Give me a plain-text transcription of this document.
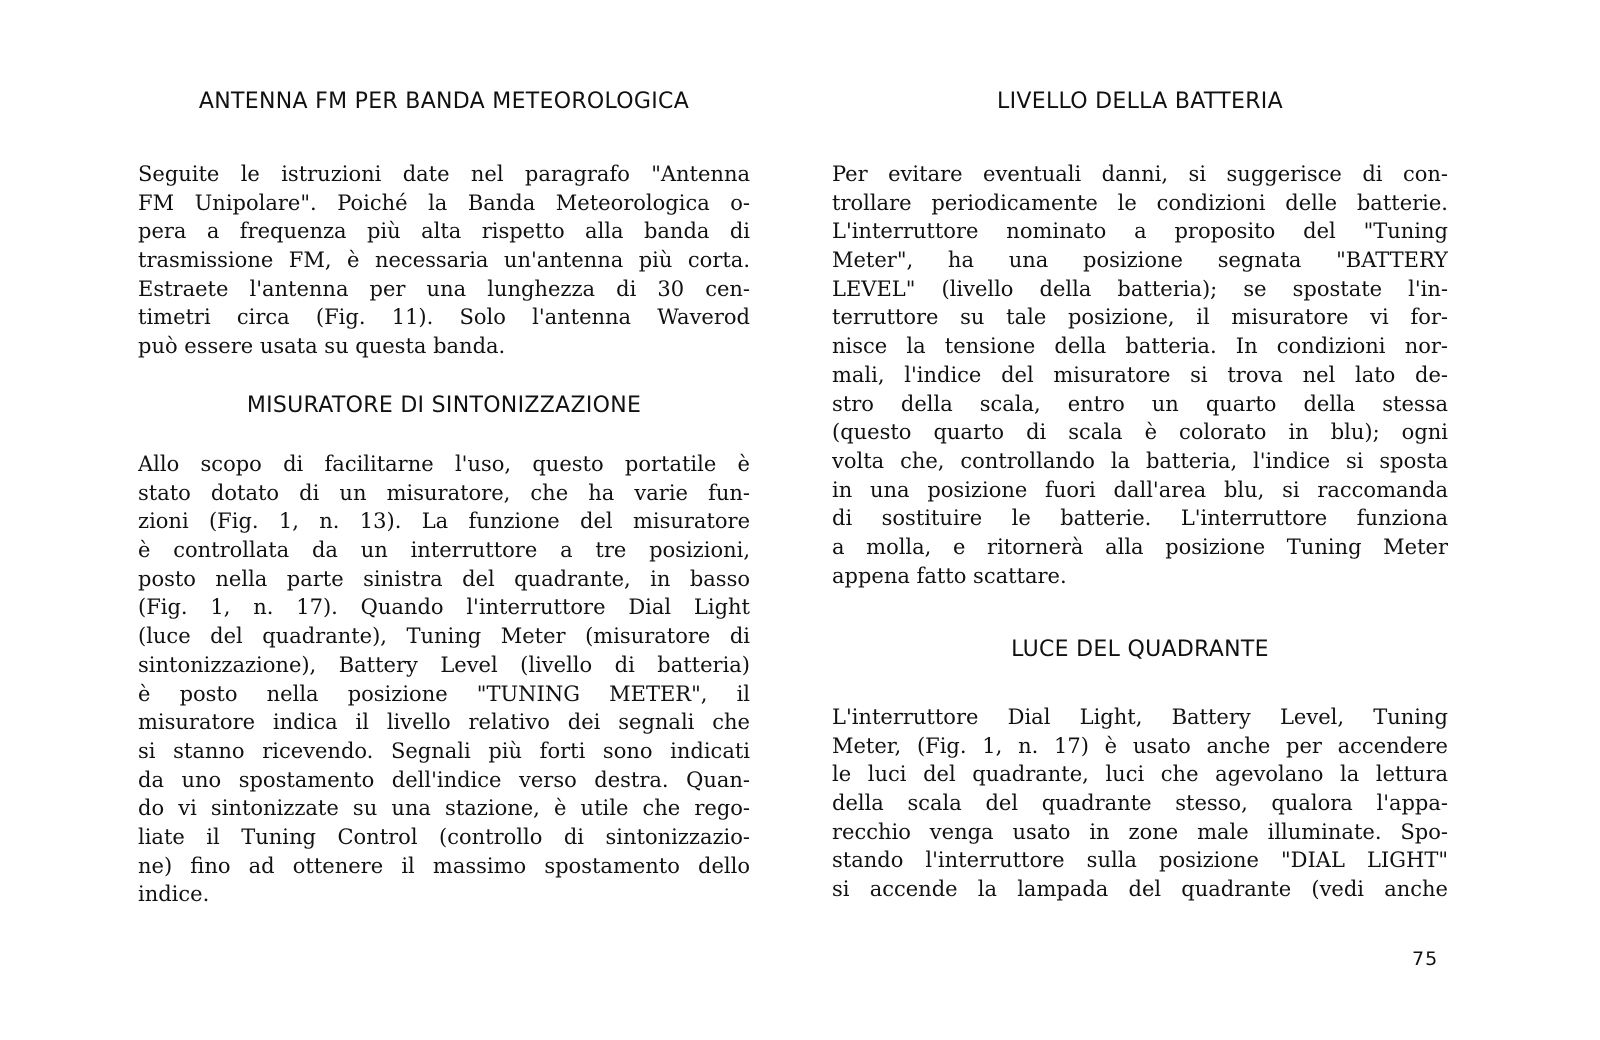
ANTENNA FM PER BANDA METEOROLOGICA
Seguite le istruzioni date nel paragrafo "Antenna
FM Unipolare". Poiché la Banda Meteorologica o-
pera a frequenza più alta rispetto alla banda di
trasmissione FM, è necessaria un'antenna più corta.
Estraete l'antenna per una lunghezza di 30 cen-
timetri circa (Fig. 11). Solo l'antenna Waverod
può essere usata su questa banda.
MISURATORE DI SINTONIZZAZIONE
Allo scopo di facilitarne l'uso, questo portatile è
stato dotato di un misuratore, che ha varie fun-
zioni (Fig. 1, n. 13). La funzione del misuratore
è controllata da un interruttore a tre posizioni,
posto nella parte sinistra del quadrante, in basso
(Fig. 1, n. 17). Quando l'interruttore Dial Light
(luce del quadrante), Tuning Meter (misuratore di
sintonizzazione), Battery Level (livello di batteria)
è posto nella posizione "TUNING METER", il
misuratore indica il livello relativo dei segnali che
si stanno ricevendo. Segnali più forti sono indicati
da uno spostamento dell'indice verso destra. Quan-
do vi sintonizzate su una stazione, è utile che rego-
liate il Tuning Control (controllo di sintonizzazio-
ne) fino ad ottenere il massimo spostamento dello
indice.
LIVELLO DELLA BATTERIA
Per evitare eventuali danni, si suggerisce di con-
trollare periodicamente le condizioni delle batterie.
L'interruttore nominato a proposito del "Tuning
Meter", ha una posizione segnata "BATTERY
LEVEL" (livello della batteria); se spostate l'in-
terruttore su tale posizione, il misuratore vi for-
nisce la tensione della batteria. In condizioni nor-
mali, l'indice del misuratore si trova nel lato de-
stro della scala, entro un quarto della stessa
(questo quarto di scala è colorato in blu); ogni
volta che, controllando la batteria, l'indice si sposta
in una posizione fuori dall'area blu, si raccomanda
di sostituire le batterie. L'interruttore funziona
a molla, e ritornerà alla posizione Tuning Meter
appena fatto scattare.
LUCE DEL QUADRANTE
L'interruttore Dial Light, Battery Level, Tuning
Meter, (Fig. 1, n. 17) è usato anche per accendere
le luci del quadrante, luci che agevolano la lettura
della scala del quadrante stesso, qualora l'appa-
recchio venga usato in zone male illuminate. Spo-
stando l'interruttore sulla posizione "DIAL LIGHT"
si accende la lampada del quadrante (vedi anche
75
